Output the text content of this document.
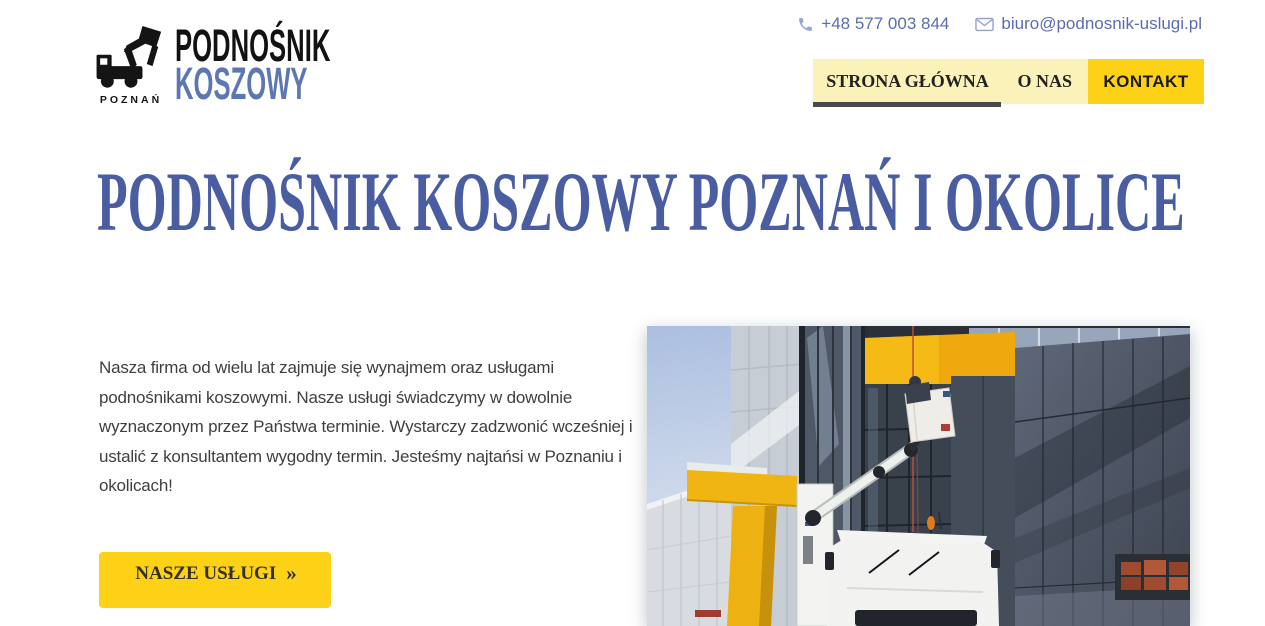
POZNAŃ
PODNOŚNIK
KOSZOWY
+48 577 003 844	biuro@podnosnik-uslugi.pl
STRONA GŁÓWNA O NAS KONTAKT
PODNOŚNIK KOSZOWY POZNAŃ I OKOLICE

Nasza firma od wielu lat zajmuje się wynajmem oraz usługami podnośnikami koszowymi. Nasze usługi świadczymy w dowolnie wyznaczonym przez Państwa terminie. Wystarczy zadzwonić wcześniej i ustalić z konsultantem wygodny termin. Jesteśmy najtańsi w Poznaniu i okolicach!

NASZE USŁUGI »
